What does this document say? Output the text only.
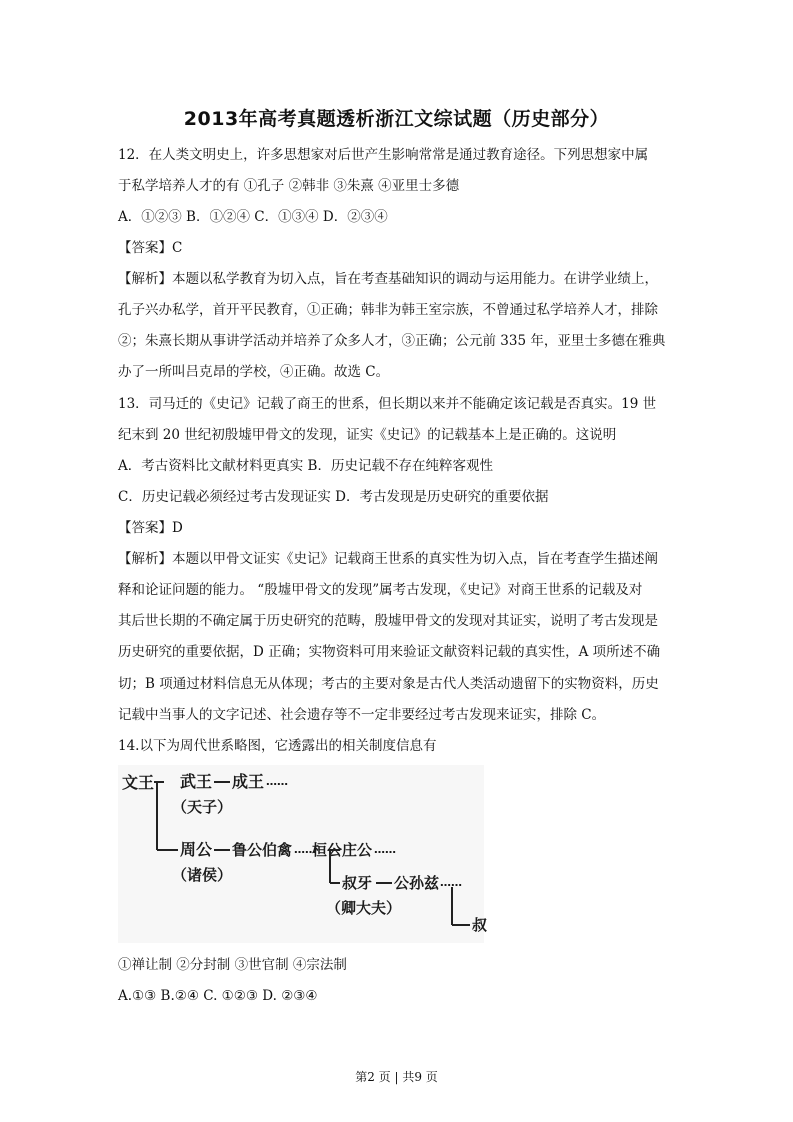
2013年高考真题透析浙江文综试题（历史部分）
12．在人类文明史上，许多思想家对后世产生影响常常是通过教育途径。下列思想家中属
于私学培养人才的有 ①孔子 ②韩非 ③朱熹 ④亚里士多德
A．①②③ B．①②④ C．①③④ D．②③④
【答案】C
【解析】本题以私学教育为切入点，旨在考查基础知识的调动与运用能力。在讲学业绩上，
孔子兴办私学，首开平民教育，①正确；韩非为韩王室宗族，不曾通过私学培养人才，排除
②；朱熹长期从事讲学活动并培养了众多人才，③正确；公元前 335 年，亚里士多德在雅典
办了一所叫吕克昂的学校，④正确。故选 C。
13．司马迁的《史记》记载了商王的世系，但长期以来并不能确定该记载是否真实。19 世
纪末到 20 世纪初殷墟甲骨文的发现，证实《史记》的记载基本上是正确的。这说明
A．考古资料比文献材料更真实 B．历史记载不存在纯粹客观性
C．历史记载必须经过考古发现证实 D．考古发现是历史研究的重要依据
【答案】D
【解析】本题以甲骨文证实《史记》记载商王世系的真实性为切入点，旨在考查学生描述阐
释和论证问题的能力。 “殷墟甲骨文的发现”属考古发现，《史记》对商王世系的记载及对
其后世长期的不确定属于历史研究的范畴，殷墟甲骨文的发现对其证实，说明了考古发现是
历史研究的重要依据，D 正确；实物资料可用来验证文献资料记载的真实性，A 项所述不确
切；B 项通过材料信息无从体现；考古的主要对象是古代人类活动遗留下的实物资料，历史
记载中当事人的文字记述、社会遗存等不一定非要经过考古发现来证实，排除 C。
14.以下为周代世系略图，它透露出的相关制度信息有
文王 武王 成王 ……
（天子）
周公 鲁公伯禽 ……
桓公 庄公 ……
（诸侯）	叔牙 公孙兹 ……
叔
（卿大夫）
①禅让制 ②分封制 ③世官制 ④宗法制
A.①③ B.②④ C. ①②③ D. ②③④
第2 页 | 共9 页
